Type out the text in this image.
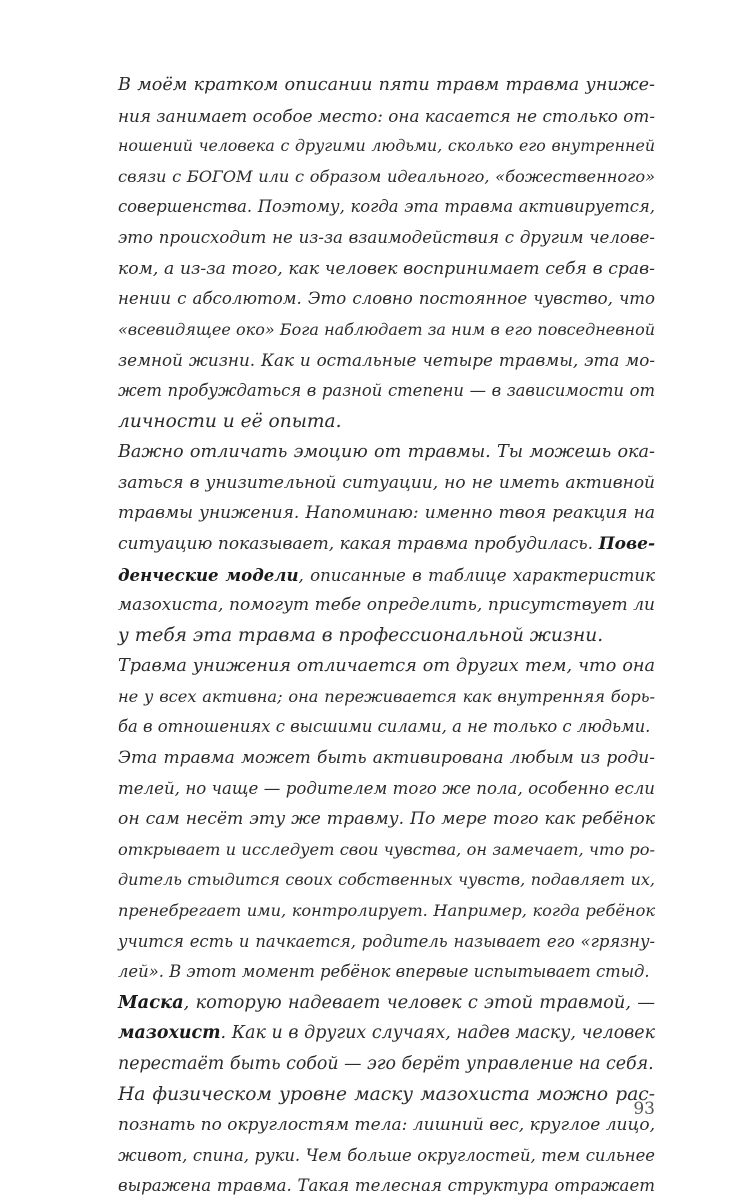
В моём кратком описании пяти травм травма униже-
ния занимает особое место: она касается не столько от-
ношений человека с другими людьми, сколько его внутренней
связи с БОГОМ или с образом идеального, «божественного»
совершенства. Поэтому, когда эта травма активируется,
это происходит не из-за взаимодействия с другим челове-
ком, а из-за того, как человек воспринимает себя в срав-
нении с абсолютом. Это словно постоянное чувство, что
«всевидящее око» Бога наблюдает за ним в его повседневной
земной жизни. Как и остальные четыре травмы, эта мо-
жет пробуждаться в разной степени — в зависимости от
личности и её опыта.
Важно отличать эмоцию от травмы. Ты можешь ока-
заться в унизительной ситуации, но не иметь активной
травмы унижения. Напоминаю: именно твоя реакция на
ситуацию показывает, какая травма пробудилась. Пове-
денческие модели, описанные в таблице характеристик
мазохиста, помогут тебе определить, присутствует ли
у тебя эта травма в профессиональной жизни.
Травма унижения отличается от других тем, что она
не у всех активна; она переживается как внутренняя борь-
ба в отношениях с высшими силами, а не только с людьми.
Эта травма может быть активирована любым из роди-
телей, но чаще — родителем того же пола, особенно если
он сам несёт эту же травму. По мере того как ребёнок
открывает и исследует свои чувства, он замечает, что ро-
дитель стыдится своих собственных чувств, подавляет их,
пренебрегает ими, контролирует. Например, когда ребёнок
учится есть и пачкается, родитель называет его «грязну-
лей». В этот момент ребёнок впервые испытывает стыд.
Маска, которую надевает человек с этой травмой, —
мазохист. Как и в других случаях, надев маску, человек
перестаёт быть собой — эго берёт управление на себя.
На физическом уровне маску мазохиста можно рас-
познать по округлостям тела: лишний вес, круглое лицо,
живот, спина, руки. Чем больше округлостей, тем сильнее
выражена травма. Такая телесная структура отражает
93
